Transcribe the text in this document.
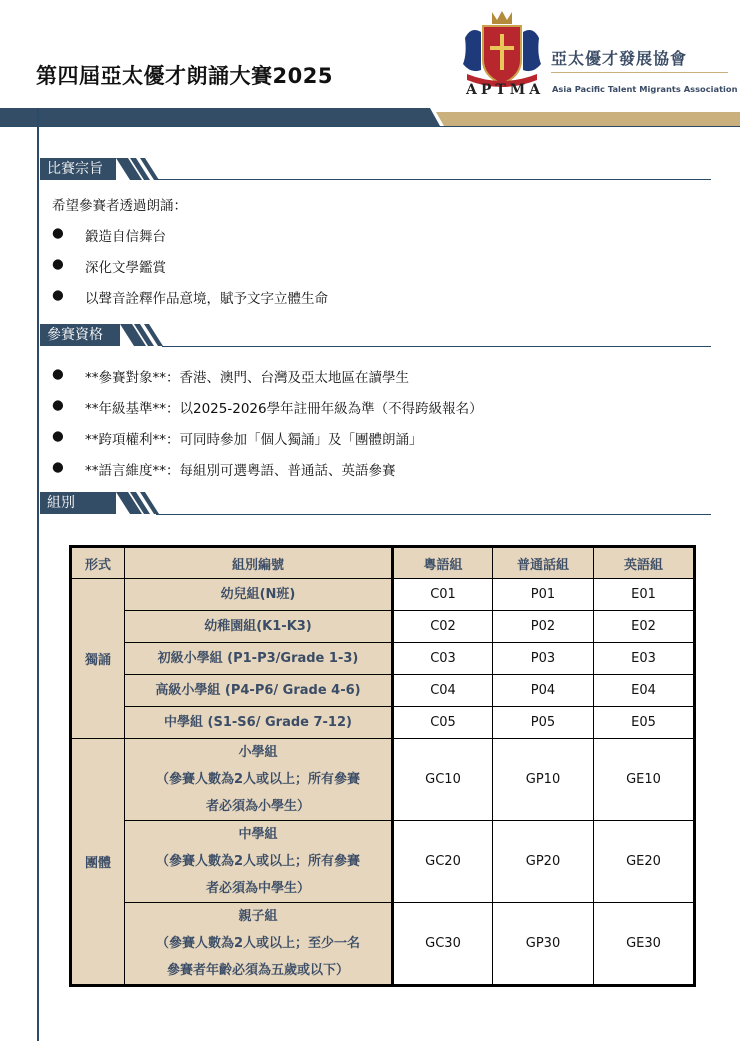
第四屆亞太優才朗誦大賽2025
APTMA
亞太優才發展協會
Asia Pacific Talent Migrants Association
比賽宗旨
希望參賽者透過朗誦：
● 鍛造自信舞台
● 深化文學鑑賞
● 以聲音詮釋作品意境，賦予文字立體生命
參賽資格
● **參賽對象**：香港、澳門、台灣及亞太地區在讀學生
● **年級基準**：以2025-2026學年註冊年級為準（不得跨級報名）
● **跨項權利**：可同時參加「個人獨誦」及「團體朗誦」
● **語言維度**：每組別可選粵語、普通話、英語參賽
組別
形式	組別編號	粵語組	普通話組	英語組
獨誦	幼兒組(N班)	C01	P01	E01
	幼稚園組(K1-K3)	C02	P02	E02
	初級小學組 (P1-P3/Grade 1-3)	C03	P03	E03
	高級小學組 (P4-P6/ Grade 4-6)	C04	P04	E04
	中學組 (S1-S6/ Grade 7-12)	C05	P05	E05
團體	小學組
（參賽人數為2人或以上；所有參賽
者必須為小學生）	GC10	GP10	GE10

	中學組
（參賽人數為2人或以上；所有參賽
者必須為中學生）	GC20	GP20	GE20

	親子組
（參賽人數為2人或以上；至少一名
參賽者年齡必須為五歲或以下）	GC30	GP30	GE30
